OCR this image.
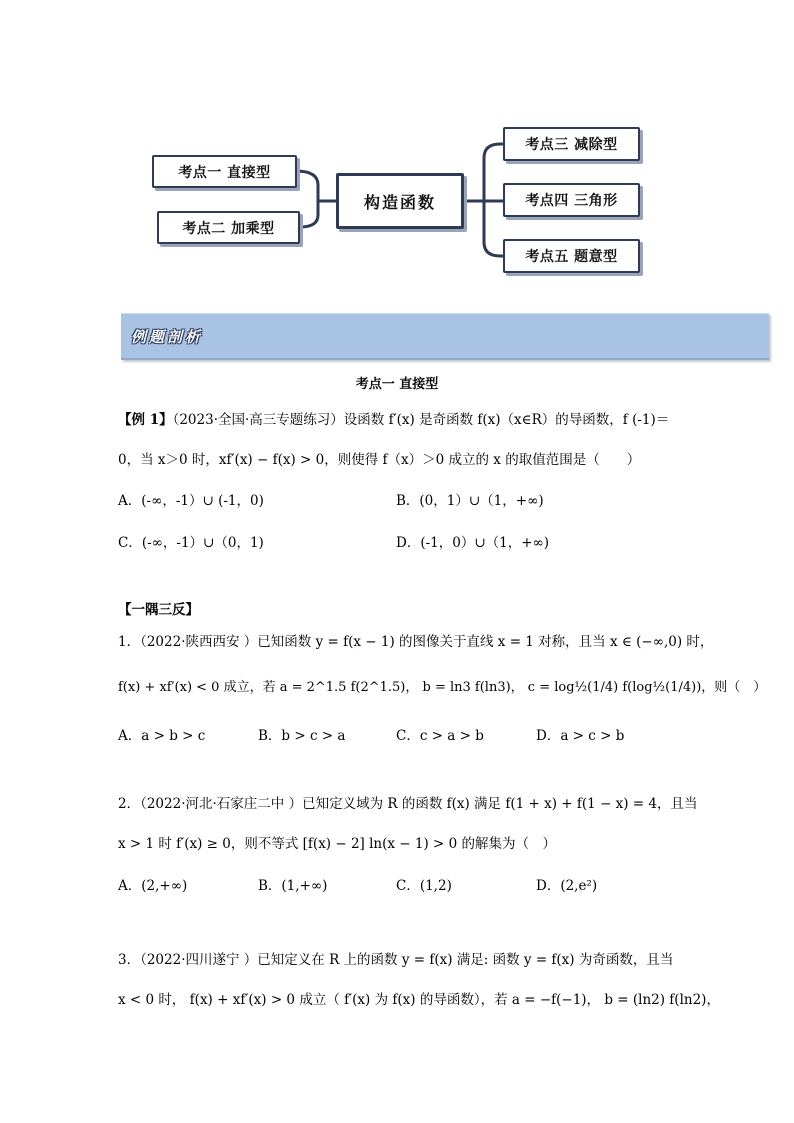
构造函数
考点一 直接型
考点二 加乘型
考点三 减除型
考点四 三角形
考点五 题意型
例题剖析
考点一 直接型
【例 1】（2023·全国·高三专题练习）设函数 f′(x) 是奇函数 f(x)（x∈R）的导函数，f (-1)＝
0，当 x＞0 时，xf′(x) − f(x) > 0，则使得 f（x）＞0 成立的 x 的取值范围是（　　）
A．(-∞，-1）∪ (-1，0)	B．(0，1）∪（1，+∞)
C．(-∞，-1）∪（0，1)	D．(-1，0）∪（1，+∞)
【一隅三反】
1．（2022·陕西西安 ）已知函数 y = f(x − 1) 的图像关于直线 x = 1 对称，且当 x ∈ (−∞,0) 时，
f(x) + xf′(x) < 0 成立，若 a = 2^1.5 f(2^1.5)， b = ln3 f(ln3)， c = log½(1/4) f(log½(1/4))，则（　）
A．a > b > c	B．b > c > a	C．c > a > b	D．a > c > b
2．（2022·河北·石家庄二中 ）已知定义域为 R 的函数 f(x) 满足 f(1 + x) + f(1 − x) = 4，且当
x > 1 时 f′(x) ≥ 0，则不等式 [f(x) − 2] ln(x − 1) > 0 的解集为（　）
A．(2,+∞)	B．(1,+∞)	C．(1,2)	D．(2,e²)
3．（2022·四川遂宁 ）已知定义在 R 上的函数 y = f(x) 满足: 函数 y = f(x) 为奇函数，且当
x < 0 时， f(x) + xf′(x) > 0 成立（ f′(x) 为 f(x) 的导函数），若 a = −f(−1)， b = (ln2) f(ln2)，
